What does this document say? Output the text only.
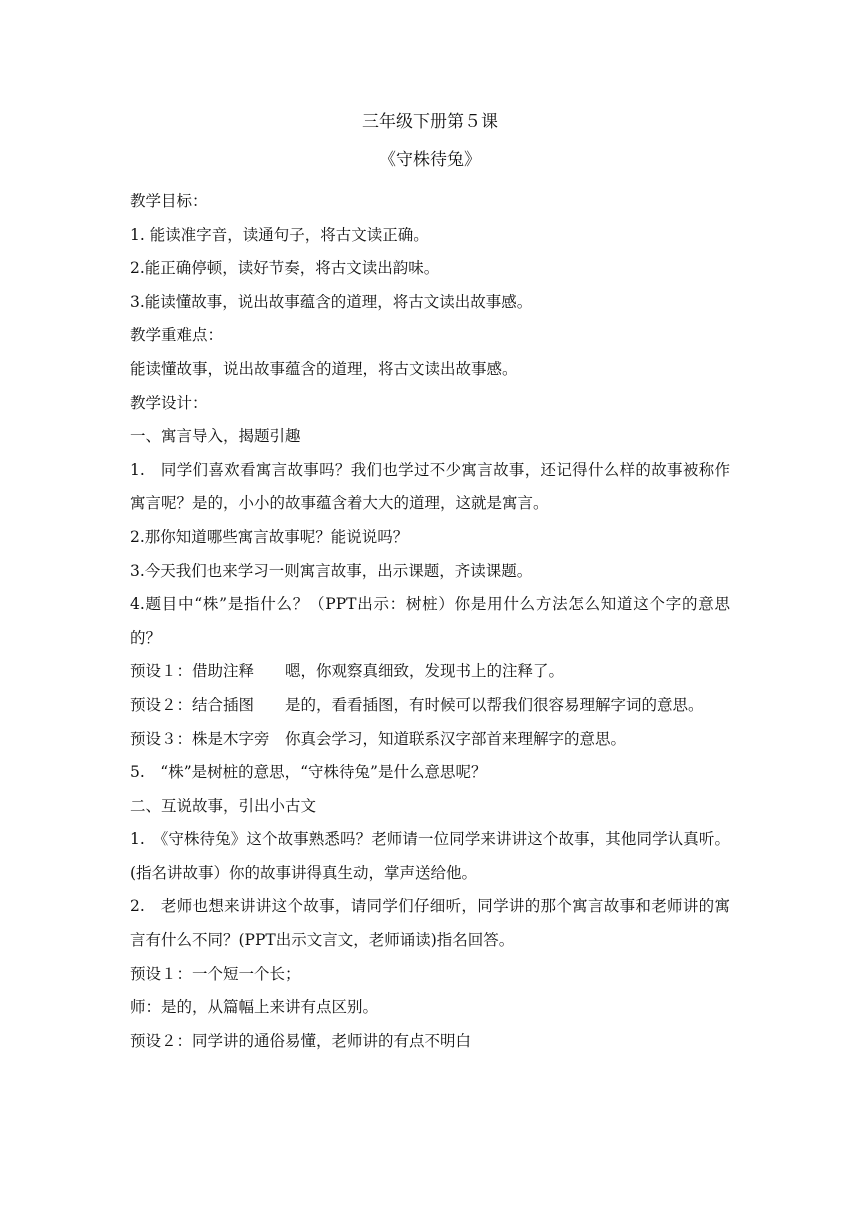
三年级下册第５课

《守株待兔》

教学目标：

1. 能读准字音，读通句子，将古文读正确。

2.能正确停顿，读好节奏，将古文读出韵味。

3.能读懂故事，说出故事蕴含的道理，将古文读出故事感。

教学重难点：

能读懂故事，说出故事蕴含的道理，将古文读出故事感。

教学设计：

一、寓言导入，揭题引趣

1.　同学们喜欢看寓言故事吗？我们也学过不少寓言故事，还记得什么样的故事被称作寓言呢？是的，小小的故事蕴含着大大的道理，这就是寓言。

2.那你知道哪些寓言故事呢？能说说吗？

3.今天我们也来学习一则寓言故事，出示课题，齐读课题。

4.题目中“株”是指什么？（PPT出示：树桩）你是用什么方法怎么知道这个字的意思的？

预设１：借助注释　　嗯，你观察真细致，发现书上的注释了。

预设２：结合插图　　是的，看看插图，有时候可以帮我们很容易理解字词的意思。

预设３：株是木字旁　你真会学习，知道联系汉字部首来理解字的意思。

5.　“株”是树桩的意思，“守株待兔”是什么意思呢？

二、互说故事，引出小古文

1.　《守株待兔》这个故事熟悉吗？老师请一位同学来讲讲这个故事，其他同学认真听。(指名讲故事）你的故事讲得真生动，掌声送给他。

2.　老师也想来讲讲这个故事，请同学们仔细听，同学讲的那个寓言故事和老师讲的寓言有什么不同？(PPT出示文言文，老师诵读)指名回答。

预设１：一个短一个长；

师：是的，从篇幅上来讲有点区别。

预设２：同学讲的通俗易懂，老师讲的有点不明白
